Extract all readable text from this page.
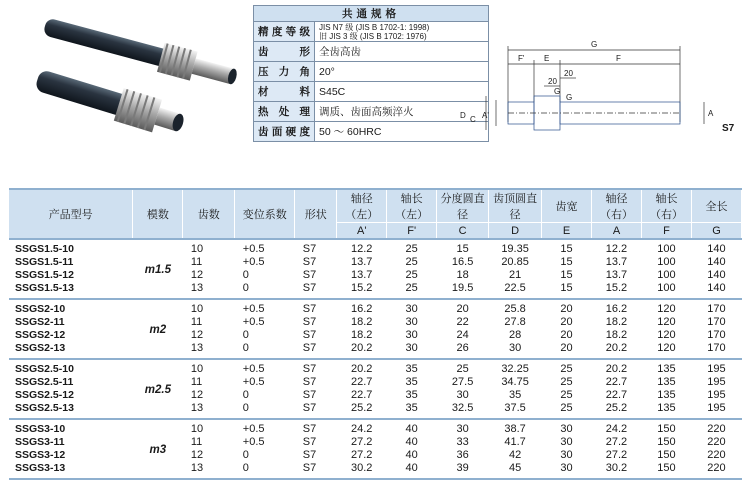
共通规格	
精度等级	JIS N7 级 (JIS B 1702-1: 1998)
旧 JIS 3 级 (JIS B 1702: 1976)

齿形	全齿高齿
压力角	20°
材料	S45C
热处理	调质、齿面高频淬火
齿面硬度	50 ～ 60HRC
G
F' E	F
20
20
G
G
D C A'	A
S7
产品型号	模数	齿数	变位系数	形状	轴径（左）	轴长（左）	分度圆直径	齿顶圆直径	齿宽	轴径（右）	轴长（右）	全长
					A'	F'	C	D	E	A	F	G
SSGS1.5-10	m1.5	10	+0.5	S7	12.2	25	15	19.35	15	12.2	100	140
SSGS1.5-11		11	+0.5	S7	13.7	25	16.5	20.85	15	13.7	100	140
SSGS1.5-12		12	0	S7	13.7	25	18	21	15	13.7	100	140
SSGS1.5-13		13	0	S7	15.2	25	19.5	22.5	15	15.2	100	140
SSGS2-10	m2	10	+0.5	S7	16.2	30	20	25.8	20	16.2	120	170
SSGS2-11		11	+0.5	S7	18.2	30	22	27.8	20	18.2	120	170
SSGS2-12		12	0	S7	18.2	30	24	28	20	18.2	120	170
SSGS2-13		13	0	S7	20.2	30	26	30	20	20.2	120	170
SSGS2.5-10	m2.5	10	+0.5	S7	20.2	35	25	32.25	25	20.2	135	195
SSGS2.5-11		11	+0.5	S7	22.7	35	27.5	34.75	25	22.7	135	195
SSGS2.5-12		12	0	S7	22.7	35	30	35	25	22.7	135	195
SSGS2.5-13		13	0	S7	25.2	35	32.5	37.5	25	25.2	135	195
SSGS3-10	m3	10	+0.5	S7	24.2	40	30	38.7	30	24.2	150	220
SSGS3-11		11	+0.5	S7	27.2	40	33	41.7	30	27.2	150	220
SSGS3-12		12	0	S7	27.2	40	36	42	30	27.2	150	220
SSGS3-13		13	0	S7	30.2	40	39	45	30	30.2	150	220
